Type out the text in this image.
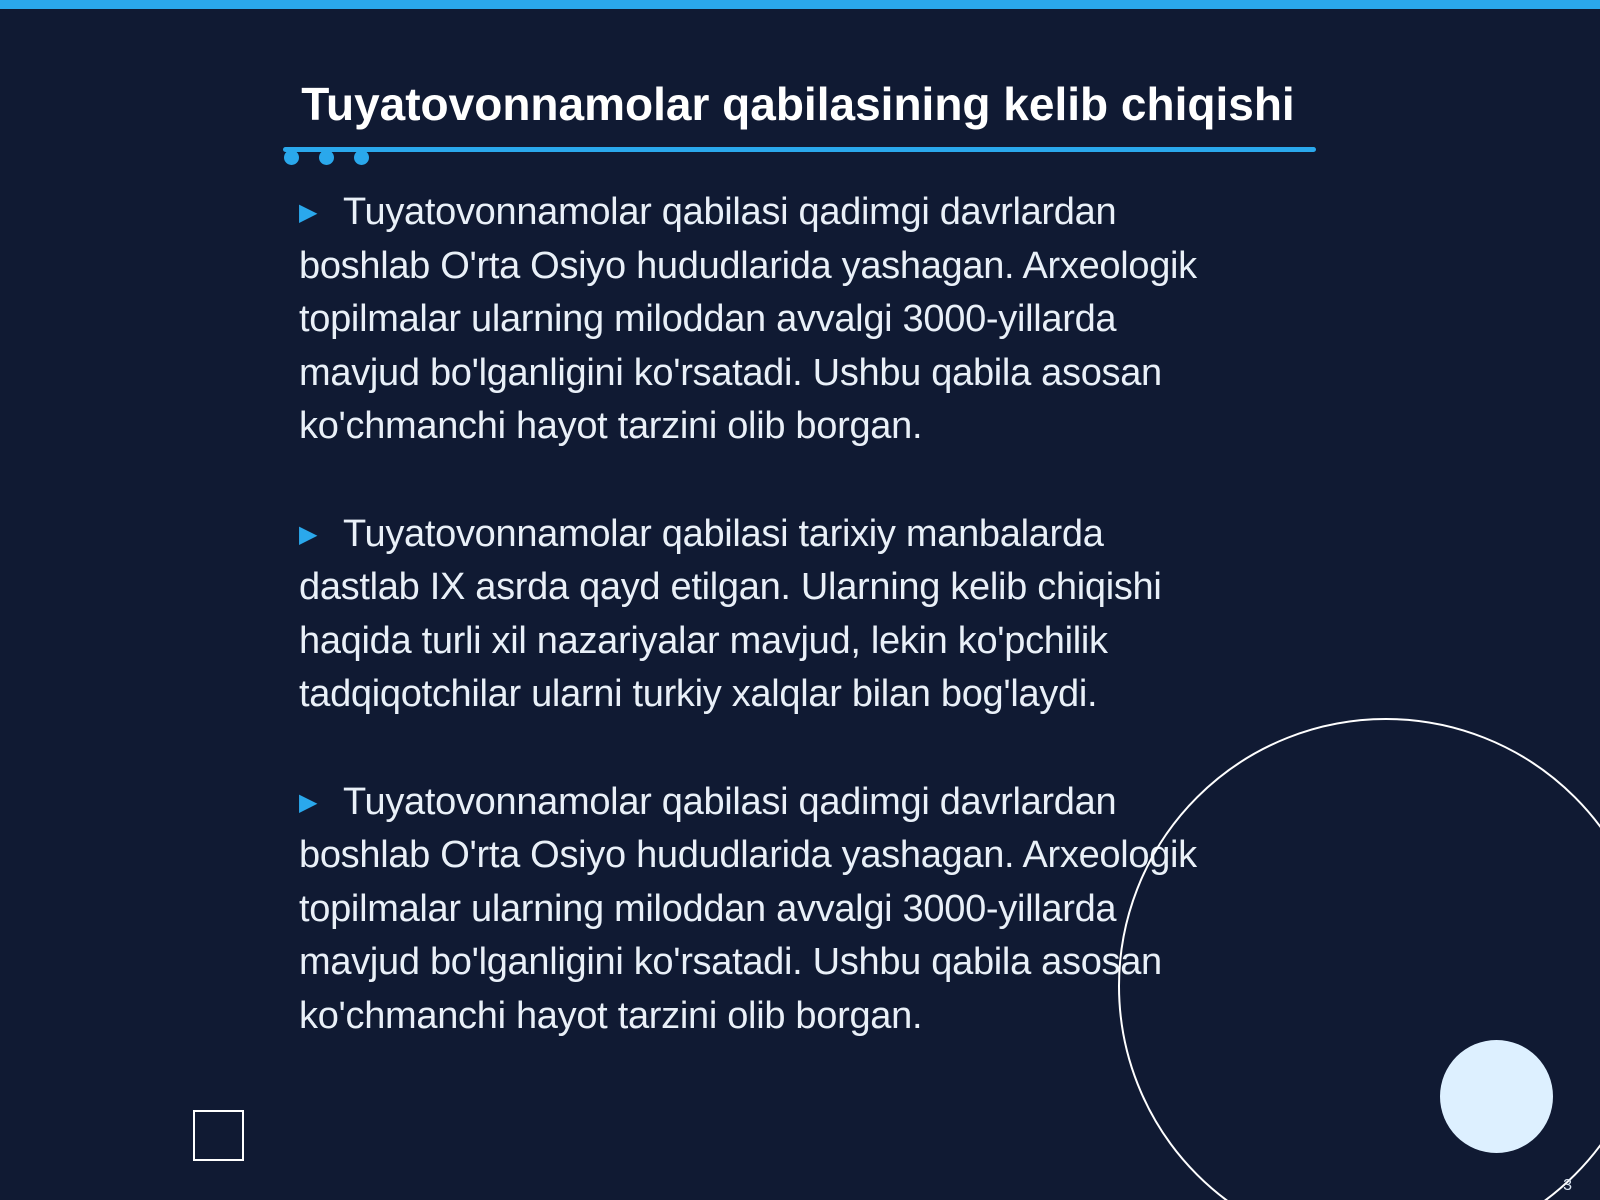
Tuyatovonnamolar qabilasining kelib chiqishi

▶ Tuyatovonnamolar qabilasi qadimgi davrlardan
boshlab O'rta Osiyo hududlarida yashagan. Arxeologik
topilmalar ularning miloddan avvalgi 3000-yillarda
mavjud bo'lganligini ko'rsatadi. Ushbu qabila asosan
ko'chmanchi hayot tarzini olib borgan.

▶ Tuyatovonnamolar qabilasi tarixiy manbalarda
dastlab IX asrda qayd etilgan. Ularning kelib chiqishi
haqida turli xil nazariyalar mavjud, lekin ko'pchilik
tadqiqotchilar ularni turkiy xalqlar bilan bog'laydi.

▶ Tuyatovonnamolar qabilasi qadimgi davrlardan
boshlab O'rta Osiyo hududlarida yashagan. Arxeologik
topilmalar ularning miloddan avvalgi 3000-yillarda
mavjud bo'lganligini ko'rsatadi. Ushbu qabila asosan
ko'chmanchi hayot tarzini olib borgan.

3
